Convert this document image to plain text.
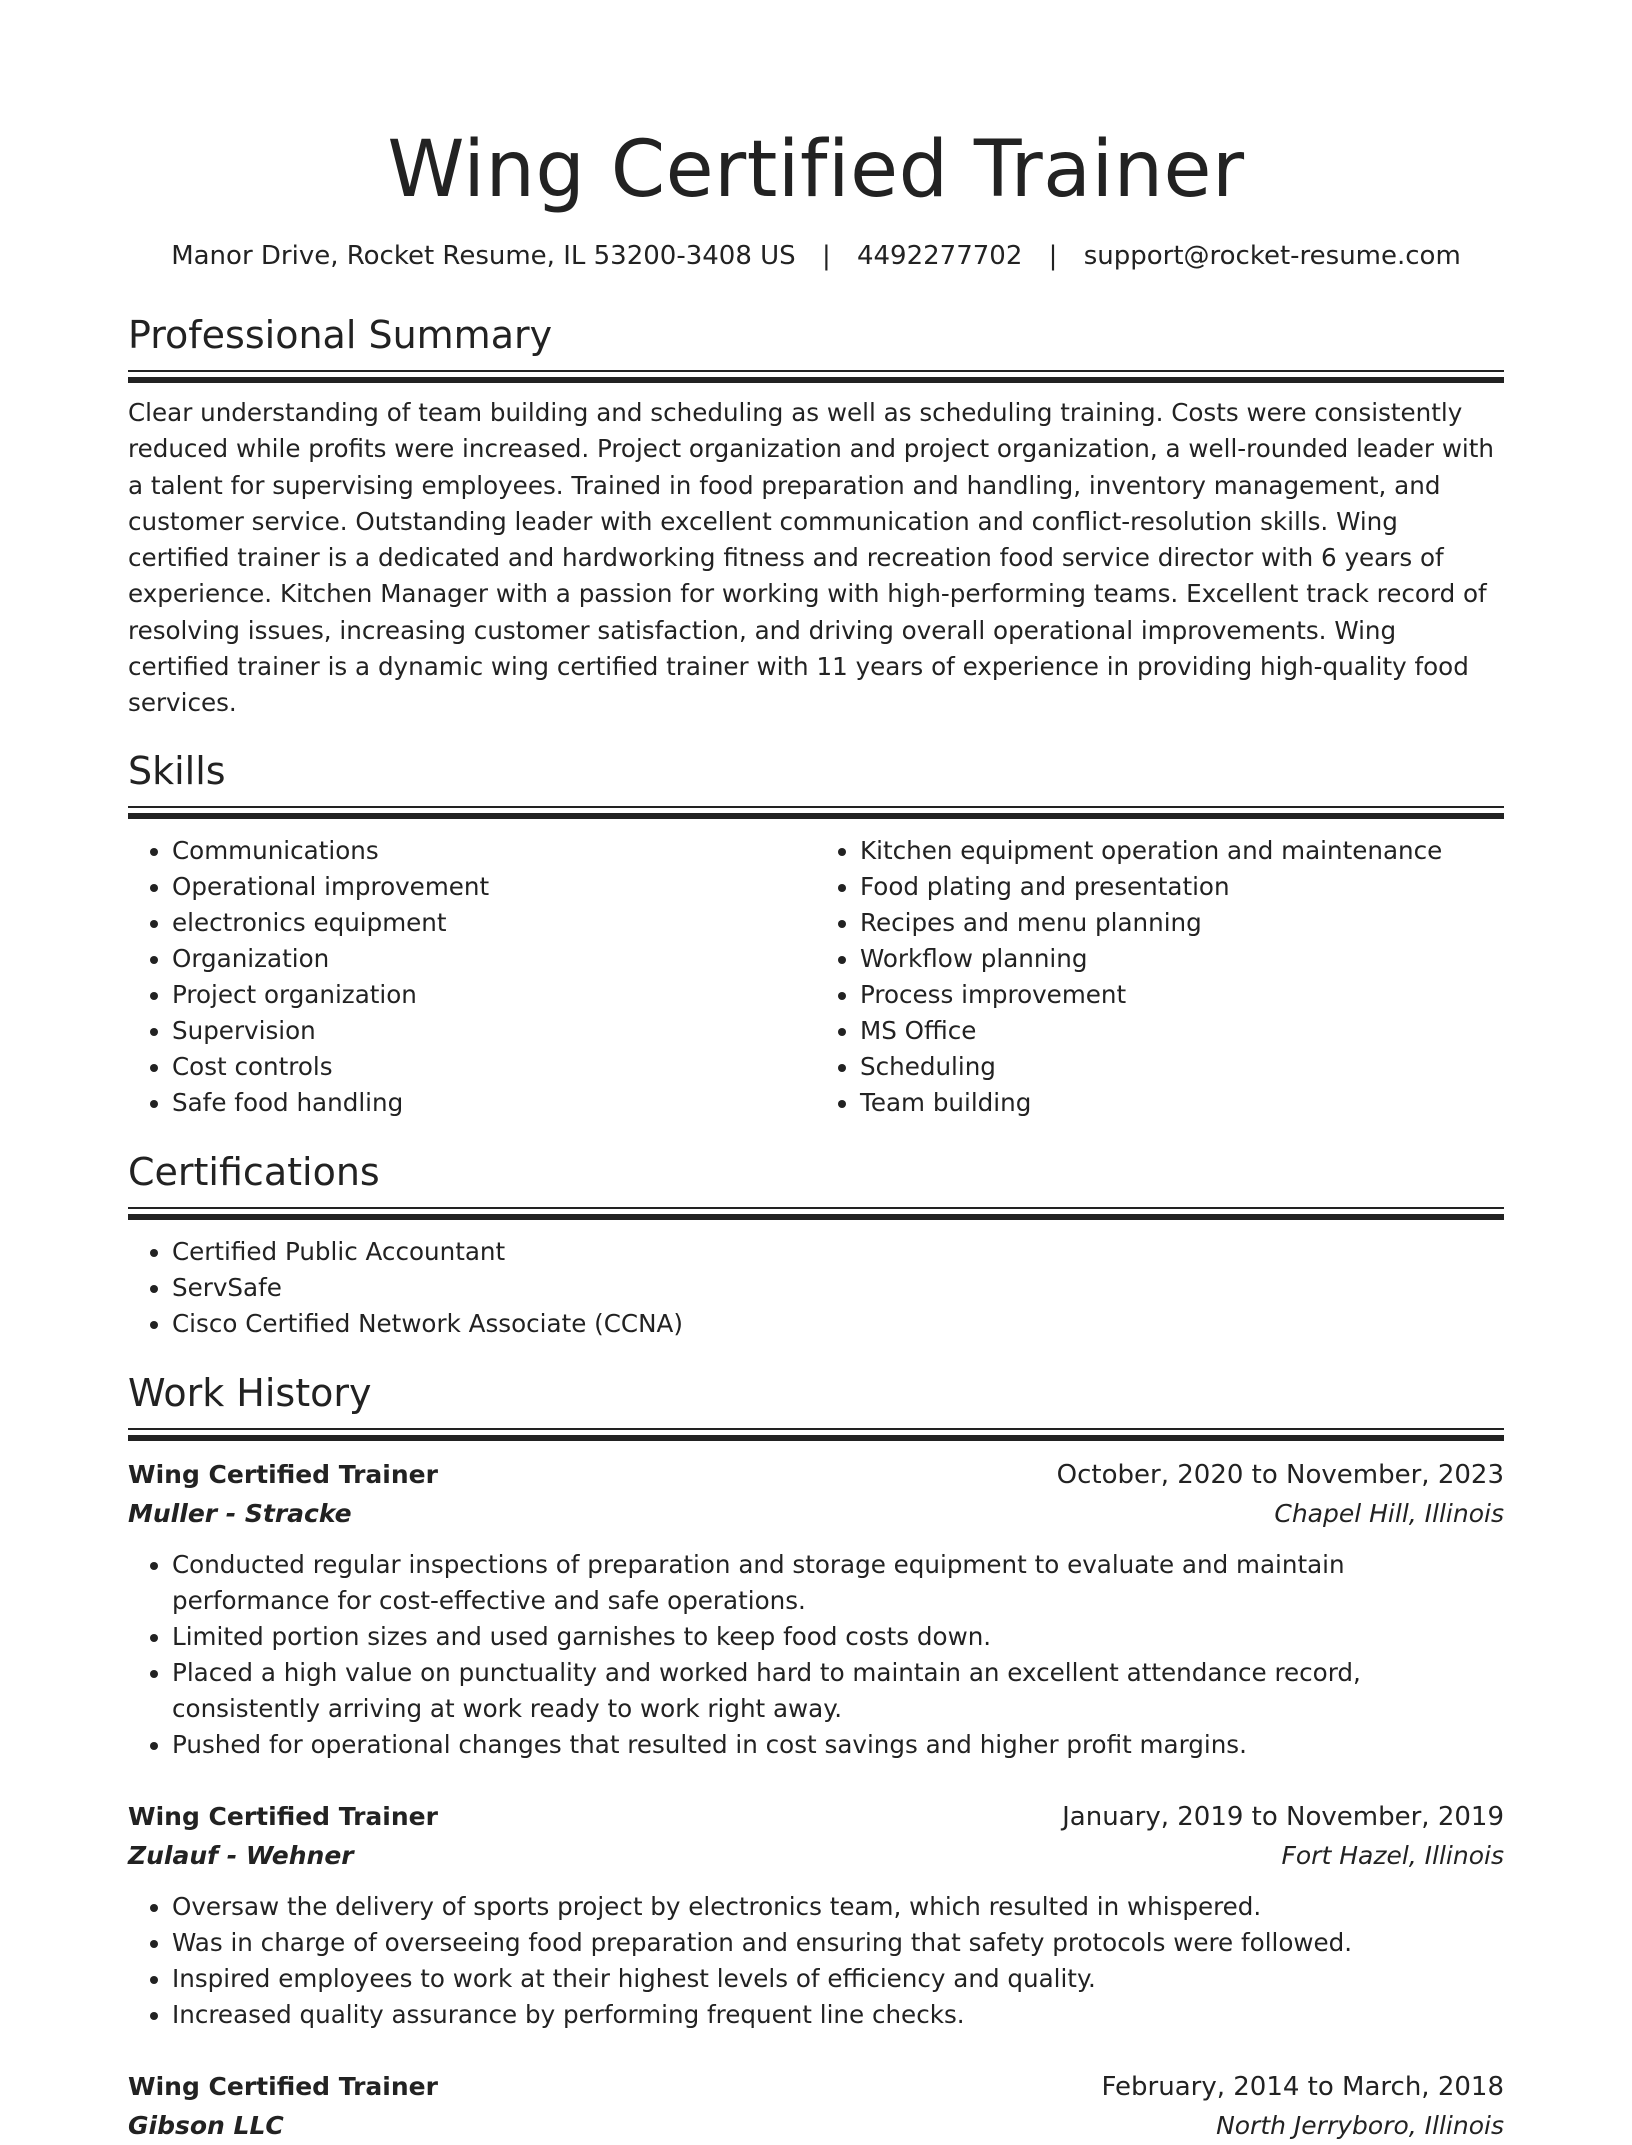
Wing Certified Trainer
Manor Drive, Rocket Resume, IL 53200-3408 US | 4492277702 | support@rocket-resume.com
Professional Summary
Clear understanding of team building and scheduling as well as scheduling training. Costs were consistently reduced while profits were increased. Project organization and project organization, a well-rounded leader with a talent for supervising employees. Trained in food preparation and handling, inventory management, and customer service. Outstanding leader with excellent communication and conflict-resolution skills. Wing certified trainer is a dedicated and hardworking fitness and recreation food service director with 6 years of experience. Kitchen Manager with a passion for working with high-performing teams. Excellent track record of resolving issues, increasing customer satisfaction, and driving overall operational improvements. Wing certified trainer is a dynamic wing certified trainer with 11 years of experience in providing high-quality food services.
Skills
• Communications
• Operational improvement
• electronics equipment
• Organization
• Project organization
• Supervision
• Cost controls
• Safe food handling
• Kitchen equipment operation and maintenance
• Food plating and presentation
• Recipes and menu planning
• Workflow planning
• Process improvement
• MS Office
• Scheduling
• Team building
Certifications
• Certified Public Accountant
• ServSafe
• Cisco Certified Network Associate (CCNA)
Work History
Wing Certified Trainer	October, 2020 to November, 2023
Muller - Stracke	Chapel Hill, Illinois
• Conducted regular inspections of preparation and storage equipment to evaluate and maintain performance for cost-effective and safe operations.
• Limited portion sizes and used garnishes to keep food costs down.
• Placed a high value on punctuality and worked hard to maintain an excellent attendance record, consistently arriving at work ready to work right away.
• Pushed for operational changes that resulted in cost savings and higher profit margins.
Wing Certified Trainer	January, 2019 to November, 2019
Zulauf - Wehner	Fort Hazel, Illinois
• Oversaw the delivery of sports project by electronics team, which resulted in whispered.
• Was in charge of overseeing food preparation and ensuring that safety protocols were followed.
• Inspired employees to work at their highest levels of efficiency and quality.
• Increased quality assurance by performing frequent line checks.
Wing Certified Trainer	February, 2014 to March, 2018
Gibson LLC	North Jerryboro, Illinois
